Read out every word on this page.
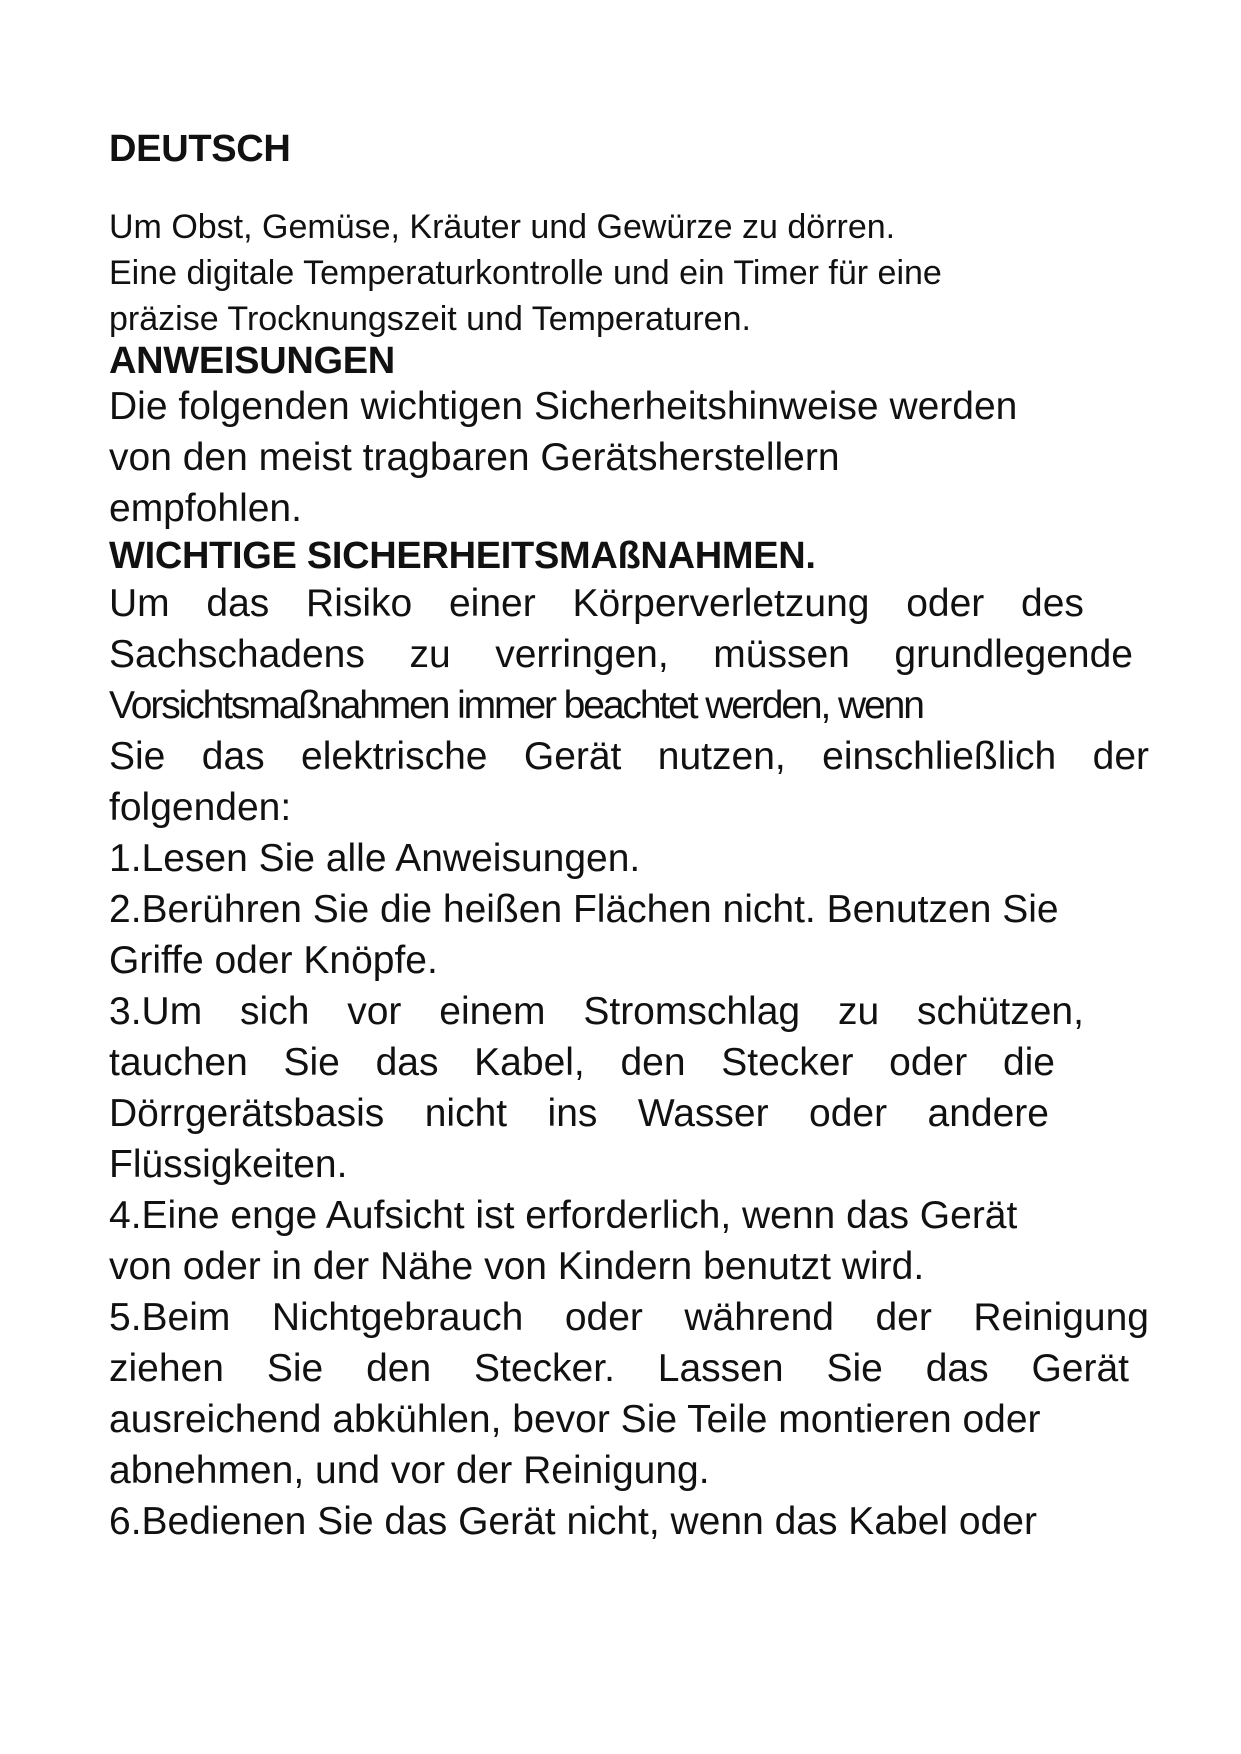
DEUTSCH
Um Obst, Gemüse, Kräuter und Gewürze zu dörren.
Eine digitale Temperaturkontrolle und ein Timer für eine
präzise Trocknungszeit und Temperaturen.
ANWEISUNGEN
Die folgenden wichtigen Sicherheitshinweise werden
von den meist tragbaren Gerätsherstellern
empfohlen.
WICHTIGE SICHERHEITSMAßNAHMEN.
Um das Risiko einer Körperverletzung oder des
Sachschadens zu verringen, müssen grundlegende
Vorsichtsmaßnahmen immer beachtet werden, wenn
Sie das elektrische Gerät nutzen, einschließlich der
folgenden:
1.Lesen Sie alle Anweisungen.
2.Berühren Sie die heißen Flächen nicht. Benutzen Sie
Griffe oder Knöpfe.
3.Um sich vor einem Stromschlag zu schützen,
tauchen Sie das Kabel, den Stecker oder die
Dörrgerätsbasis nicht ins Wasser oder andere
Flüssigkeiten.
4.Eine enge Aufsicht ist erforderlich, wenn das Gerät
von oder in der Nähe von Kindern benutzt wird.
5.Beim Nichtgebrauch oder während der Reinigung
ziehen Sie den Stecker. Lassen Sie das Gerät
ausreichend abkühlen, bevor Sie Teile montieren oder
abnehmen, und vor der Reinigung.
6.Bedienen Sie das Gerät nicht, wenn das Kabel oder
